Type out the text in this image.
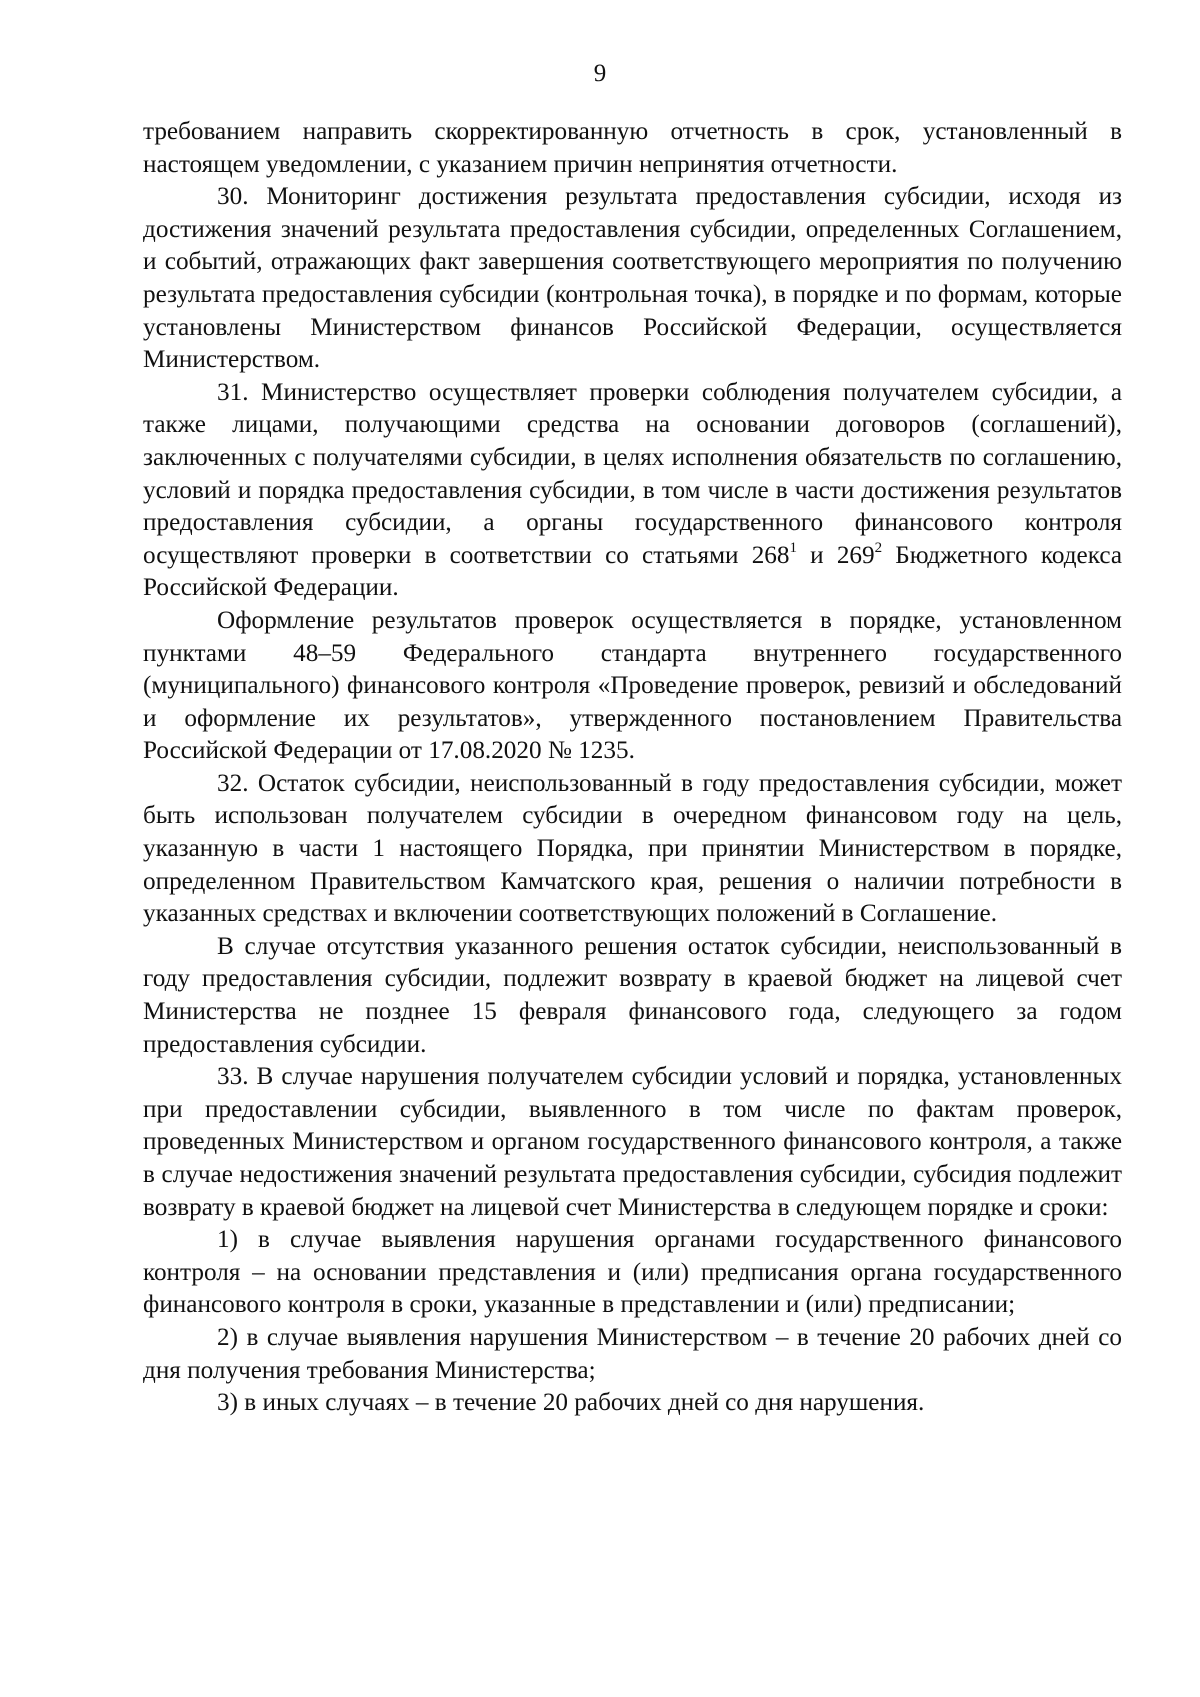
9

требованием направить скорректированную отчетность в срок, установленный в настоящем уведомлении, с указанием причин непринятия отчетности.

30. Мониторинг достижения результата предоставления субсидии, исходя из достижения значений результата предоставления субсидии, определенных Соглашением, и событий, отражающих факт завершения соответствующего мероприятия по получению результата предоставления субсидии (контрольная точка), в порядке и по формам, которые установлены Министерством финансов Российской Федерации, осуществляется Министерством.

31. Министерство осуществляет проверки соблюдения получателем субсидии, а также лицами, получающими средства на основании договоров (соглашений), заключенных с получателями субсидии, в целях исполнения обязательств по соглашению, условий и порядка предоставления субсидии, в том числе в части достижения результатов предоставления субсидии, а органы государственного финансового контроля осуществляют проверки в соответствии со статьями $268^1$ и $269^2$ Бюджетного кодекса Российской Федерации.

Оформление результатов проверок осуществляется в порядке, установленном пунктами 48–59 Федерального стандарта внутреннего государственного (муниципального) финансового контроля «Проведение проверок, ревизий и обследований и оформление их результатов», утвержденного постановлением Правительства Российской Федерации от 17.08.2020 № 1235.

32. Остаток субсидии, неиспользованный в году предоставления субсидии, может быть использован получателем субсидии в очередном финансовом году на цель, указанную в части 1 настоящего Порядка, при принятии Министерством в порядке, определенном Правительством Камчатского края, решения о наличии потребности в указанных средствах и включении соответствующих положений в Соглашение.

В случае отсутствия указанного решения остаток субсидии, неиспользованный в году предоставления субсидии, подлежит возврату в краевой бюджет на лицевой счет Министерства не позднее 15 февраля финансового года, следующего за годом предоставления субсидии.

33. В случае нарушения получателем субсидии условий и порядка, установленных при предоставлении субсидии, выявленного в том числе по фактам проверок, проведенных Министерством и органом государственного финансового контроля, а также в случае недостижения значений результата предоставления субсидии, субсидия подлежит возврату в краевой бюджет на лицевой счет Министерства в следующем порядке и сроки:

1) в случае выявления нарушения органами государственного финансового контроля – на основании представления и (или) предписания органа государственного финансового контроля в сроки, указанные в представлении и (или) предписании;

2) в случае выявления нарушения Министерством – в течение 20 рабочих дней со дня получения требования Министерства;

3) в иных случаях – в течение 20 рабочих дней со дня нарушения.
